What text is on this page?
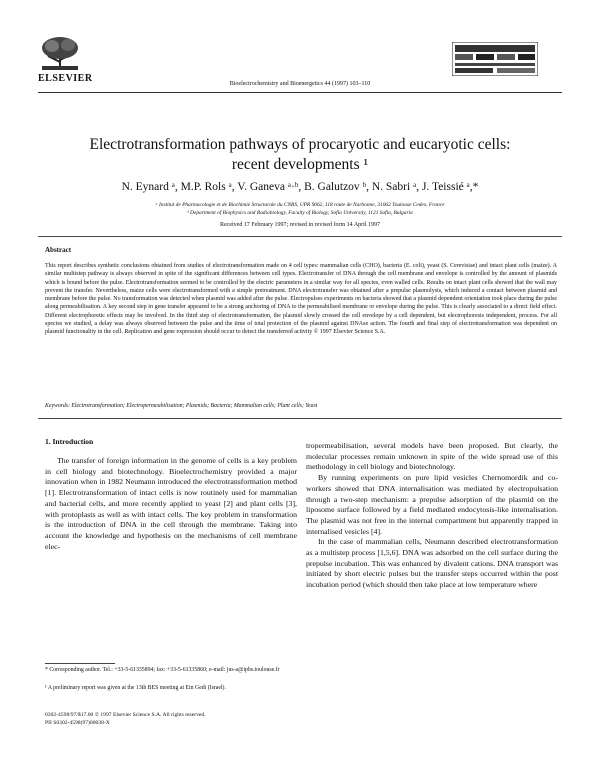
ELSEVIER	Bioelectrochemistry and Bioenergetics 44 (1997) 103–110
Electrotransformation pathways of procaryotic and eucaryotic cells:
recent developments ¹
N. Eynard ᵃ, M.P. Rols ᵃ, V. Ganeva ᵃ·ᵇ, B. Galutzov ᵇ, N. Sabri ᵃ, J. Teissié ᵃ,*
ᵃ Institut de Pharmacologie et de Biochimie Structurale du CNRS, UPR 9062, 118 route de Narbonne, 31062 Toulouse Cedex, France
ᵇ Department of Biophysics and Radiobiology, Faculty of Biology, Sofia University, 1121 Sofia, Bulgaria
Received 17 February 1997; revised in revised form 14 April 1997
Abstract
This report describes synthetic conclusions obtained from studies of electrotransformation made on 4 cell types: mammalian cells (CHO), bacteria (E. coli), yeast (S. Cerevisiae) and intact plant cells (maize). A similar multistep pathway is always observed in spite of the significant differences between cell types. Electrotransfer of DNA through the cell membrane and envelope is controlled by the amount of plasmids which is bound before the pulse. Electrotransformation seemed to be controlled by the electric parameters in a similar way for all species, even walled cells. Results on intact plant cells showed that the wall may prevent the transfer. Nevertheless, maize cells were electrotransformed with a simple pretreatment. DNA electrotransfer was obtained after a prepulse plasmolysis, which induced a contact between plasmid and membrane before the pulse. No transformation was detected when plasmid was added after the pulse. Electropulses experiments on bacteria showed that a plasmid dependent orientation took place during the pulse along permeabilisation. A key second step in gene transfer appeared to be a strong anchoring of DNA to the permeabilised membrane or envelope during the pulse. This is clearly associated to a direct field effect. Different electrophoretic effects may be involved. In the third step of electrotransformation, the plasmid slowly crossed the cell envelope by a cell dependent, but electrophoresis independent, process. For all species we studied, a delay was always observed between the pulse and the time of total protection of the plasmid against DNAse action. The fourth and final step of electrotransformation was dependent on plasmid functionality in the cell. Replication and gene expression should occur to detect the transferred activity © 1997 Elsevier Science S.A.
Keywords: Electrotransformation; Electropermeabilisation; Plasmids; Bacteria; Mammalian cells; Plant cells; Yeast
1. Introduction
The transfer of foreign information in the genome of cells is a key problem in cell biology and biotechnology. Bioelectrochemistry provided a major innovation when in 1982 Neumann introduced the electrotransformation method [1]. Electrotransformation of intact cells is now routinely used for mammalian and bacterial cells, and more recently applied to yeast [2] and plant cells [3], with protoplasts as well as with intact cells. The key problem in transformation is the introduction of DNA in the cell through the membrane. Taking into account the knowledge and hypothesis on the mechanisms of cell membrane elec-

tropermeabilisation, several models have been proposed. But clearly, the molecular processes remain unknown in spite of the wide spread use of this methodology in cell biology and biotechnology.

By running experiments on pure lipid vesicles Chernomordik and co-workers showed that DNA internalisation was mediated by electropulsation through a two-step mechanism: a prepulse adsorption of the plasmid on the liposome surface followed by a field mediated endocytosis-like internalisation. The plasmid was not free in the internal compartment but apparently trapped in internalised vesicles [4].

In the case of mammalian cells, Neumann described electrotransformation as a multistep process [1,5,6]. DNA was adsorbed on the cell surface during the prepulse incubation. This was enhanced by divalent cations. DNA transport was initiated by short electric pulses but the transfer steps occurred within the post incubation period (which should then take place at low temperature where

* Corresponding author. Tel.: +33-5-61335894; fax: +33-5-61335860; e-mail: jus-a@ipbs.toulouse.fr
¹ A preliminary report was given at the 13th BES meeting at Ein Gedi (Israel).
0302-4598/97/$17.00 © 1997 Elsevier Science S.A. All rights reserved.
PII S0302-4598(97)00038-X
